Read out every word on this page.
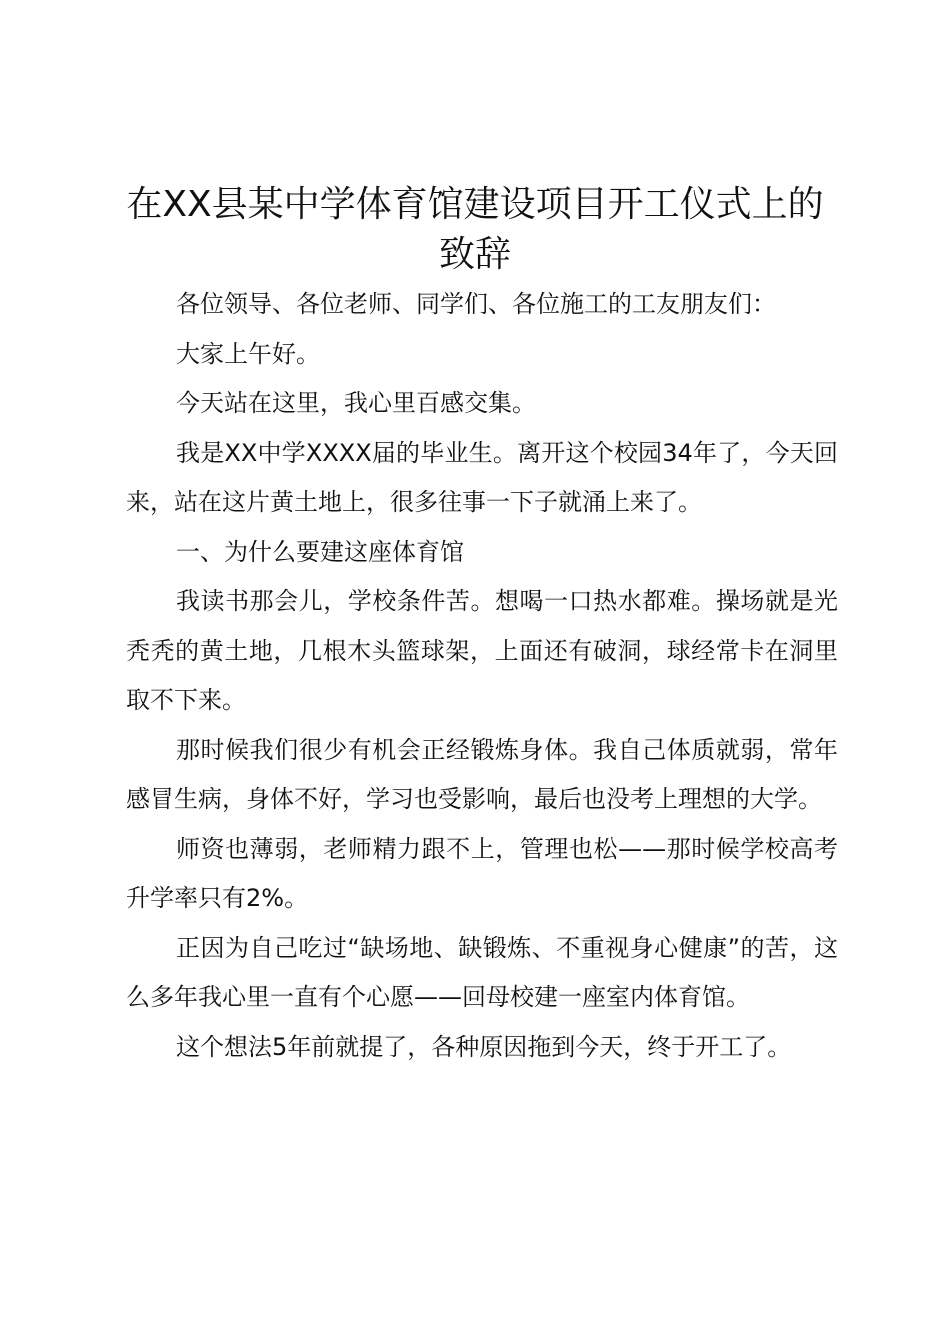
在XX县某中学体育馆建设项目开工仪式上的致辞

各位领导、各位老师、同学们、各位施工的工友朋友们：

大家上午好。

今天站在这里，我心里百感交集。

我是XX中学XXXX届的毕业生。离开这个校园34年了，今天回来，站在这片黄土地上，很多往事一下子就涌上来了。

一、为什么要建这座体育馆

我读书那会儿，学校条件苦。想喝一口热水都难。操场就是光秃秃的黄土地，几根木头篮球架，上面还有破洞，球经常卡在洞里取不下来。

那时候我们很少有机会正经锻炼身体。我自己体质就弱，常年感冒生病，身体不好，学习也受影响，最后也没考上理想的大学。

师资也薄弱，老师精力跟不上，管理也松——那时候学校高考升学率只有2%。

正因为自己吃过“缺场地、缺锻炼、不重视身心健康”的苦，这么多年我心里一直有个心愿——回母校建一座室内体育馆。

这个想法5年前就提了，各种原因拖到今天，终于开工了。
